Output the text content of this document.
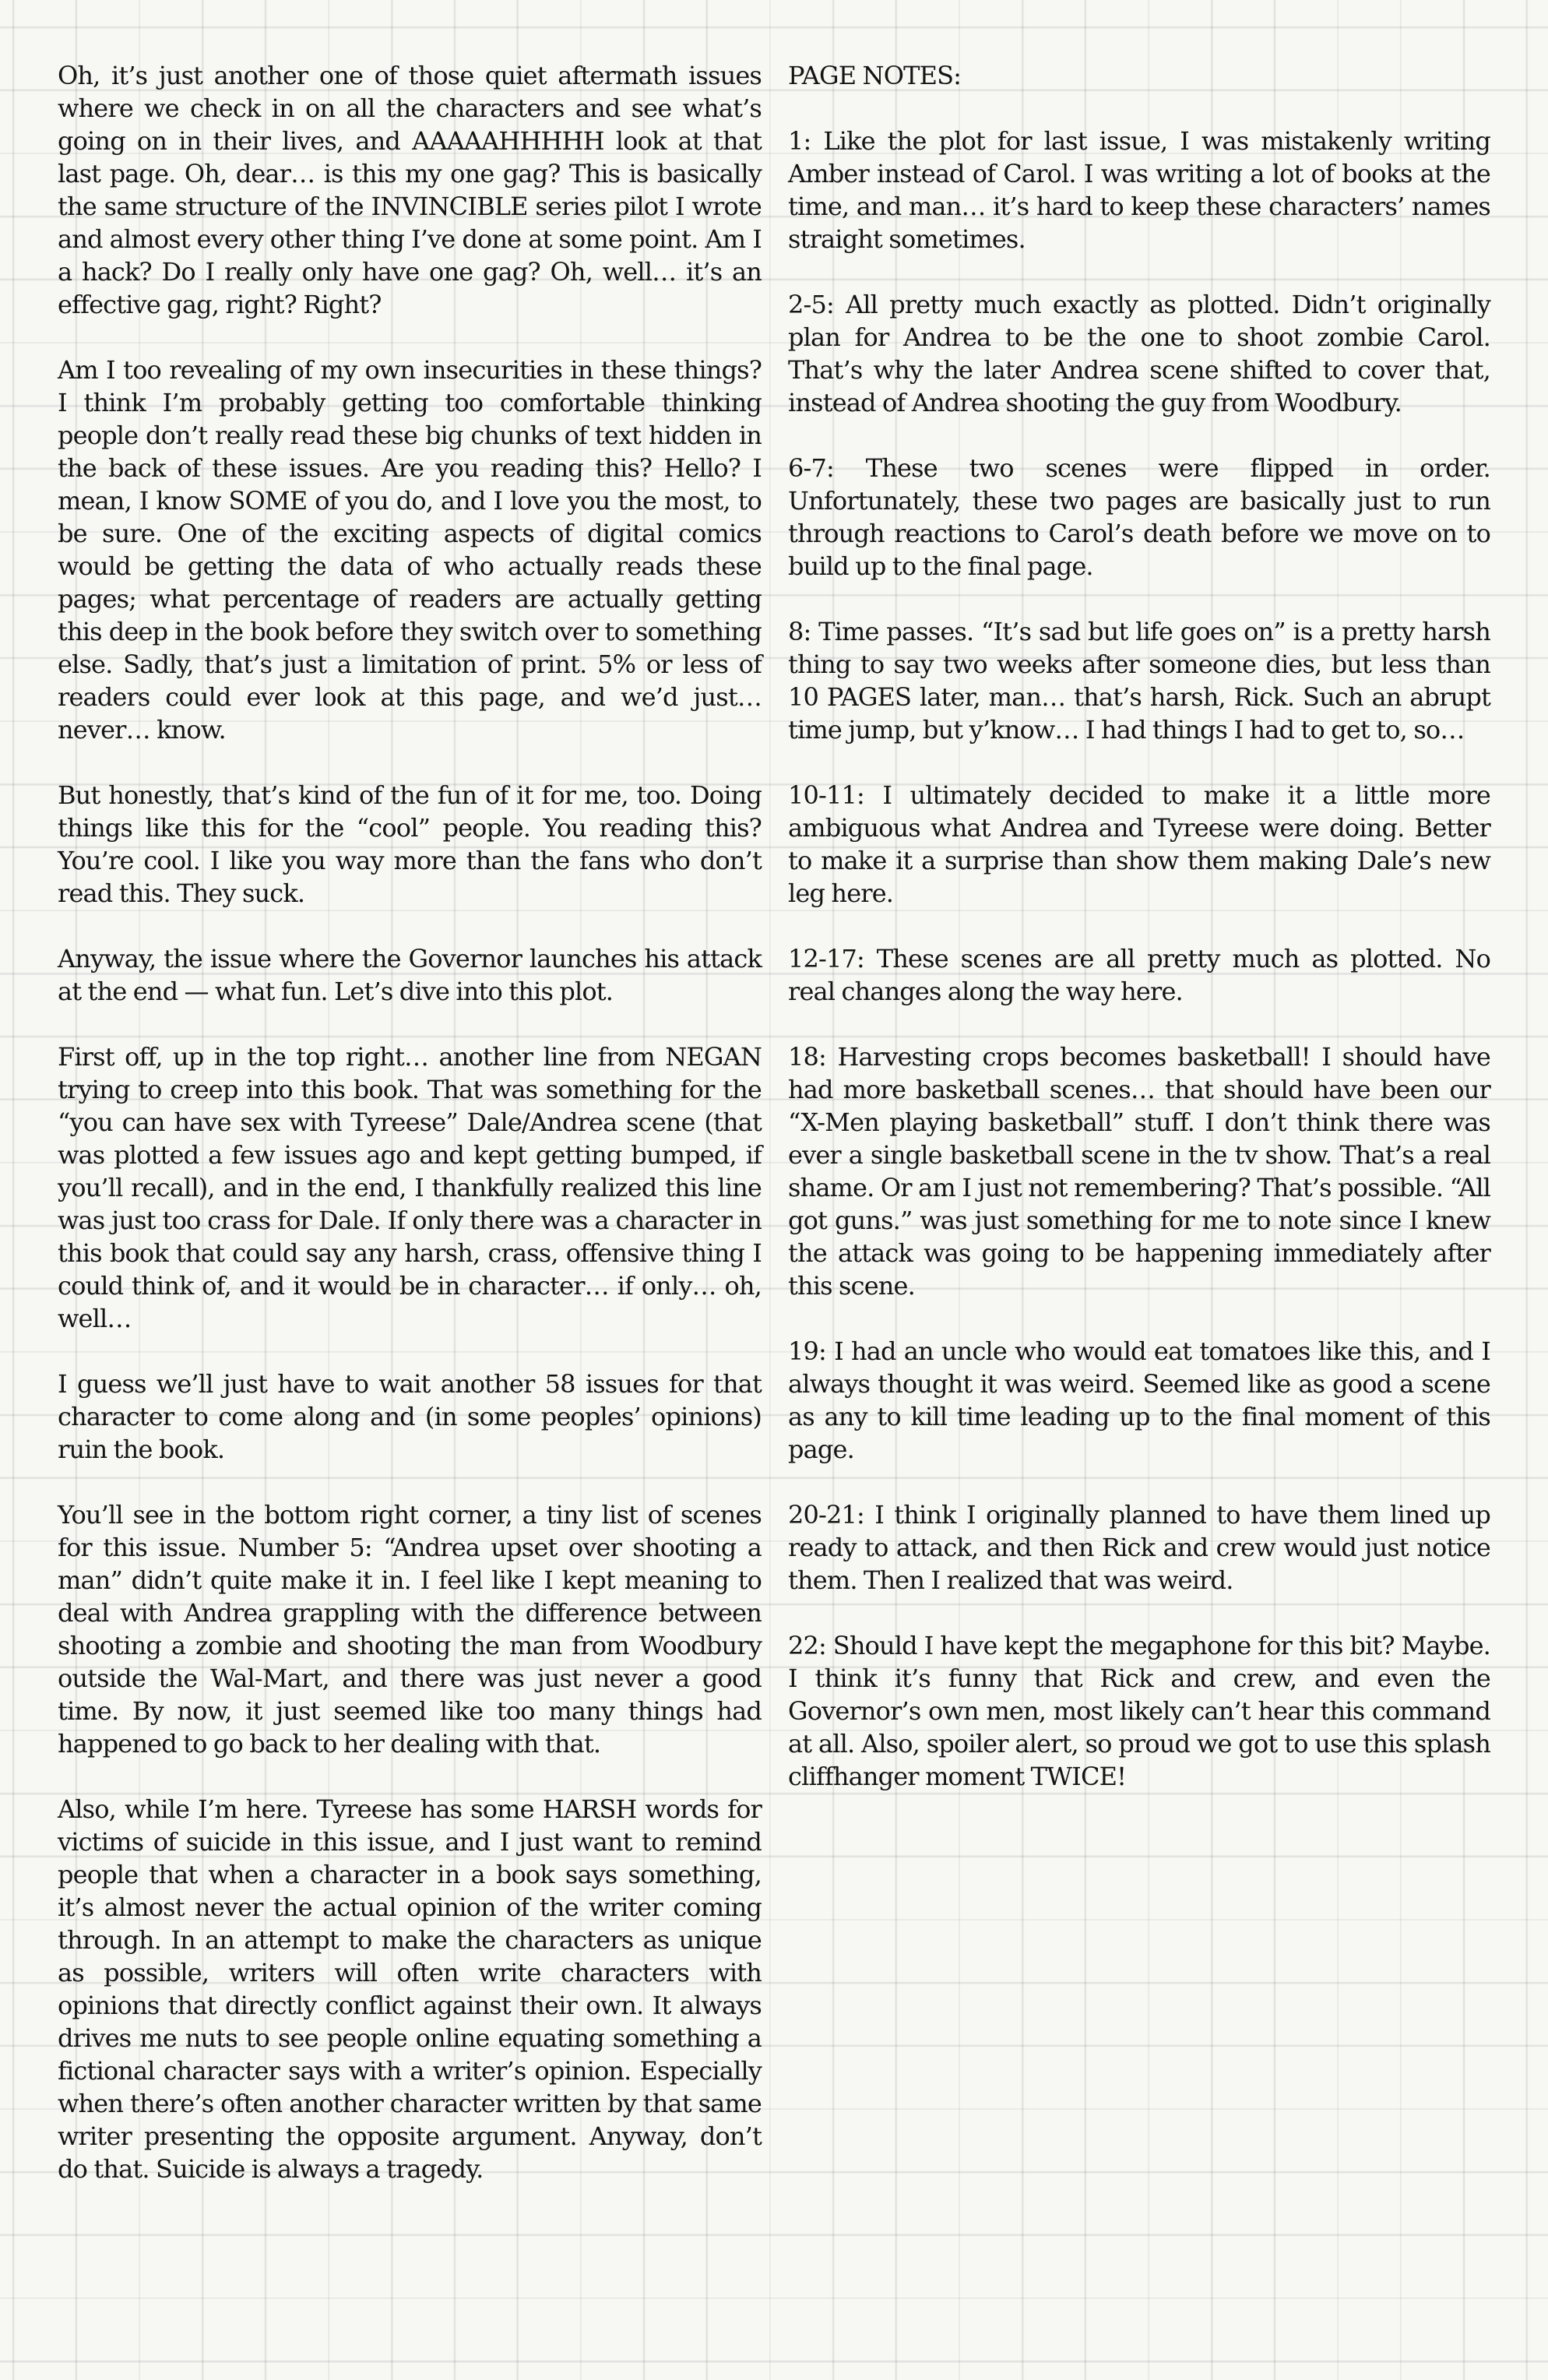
Oh, it’s just another one of those quiet aftermath issues where we check in on all the characters and see what’s going on in their lives, and AAAAAHHHHH look at that last page. Oh, dear… is this my one gag? This is basically the same structure of the INVINCIBLE series pilot I wrote and almost every other thing I’ve done at some point. Am I a hack? Do I really only have one gag? Oh, well… it’s an effective gag, right? Right?

Am I too revealing of my own insecurities in these things? I think I’m probably getting too comfortable thinking people don’t really read these big chunks of text hidden in the back of these issues. Are you reading this? Hello? I mean, I know SOME of you do, and I love you the most, to be sure. One of the exciting aspects of digital comics would be getting the data of who actually reads these pages; what percentage of readers are actually getting this deep in the book before they switch over to something else. Sadly, that’s just a limitation of print. 5% or less of readers could ever look at this page, and we’d just… never… know.

But honestly, that’s kind of the fun of it for me, too. Doing things like this for the “cool” people. You reading this? You’re cool. I like you way more than the fans who don’t read this. They suck.

Anyway, the issue where the Governor launches his attack at the end — what fun. Let’s dive into this plot.

First off, up in the top right… another line from NEGAN trying to creep into this book. That was something for the “you can have sex with Tyreese” Dale/Andrea scene (that was plotted a few issues ago and kept getting bumped, if you’ll recall), and in the end, I thankfully realized this line was just too crass for Dale. If only there was a character in this book that could say any harsh, crass, offensive thing I could think of, and it would be in character… if only… oh, well…

I guess we’ll just have to wait another 58 issues for that character to come along and (in some peoples’ opinions) ruin the book.

You’ll see in the bottom right corner, a tiny list of scenes for this issue. Number 5: “Andrea upset over shooting a man” didn’t quite make it in. I feel like I kept meaning to deal with Andrea grappling with the difference between shooting a zombie and shooting the man from Woodbury outside the Wal-Mart, and there was just never a good time. By now, it just seemed like too many things had happened to go back to her dealing with that.

Also, while I’m here. Tyreese has some HARSH words for victims of suicide in this issue, and I just want to remind people that when a character in a book says something, it’s almost never the actual opinion of the writer coming through. In an attempt to make the characters as unique as possible, writers will often write characters with opinions that directly conflict against their own. It always drives me nuts to see people online equating something a fictional character says with a writer’s opinion. Especially when there’s often another character written by that same writer presenting the opposite argument. Anyway, don’t do that. Suicide is always a tragedy.

PAGE NOTES:

1: Like the plot for last issue, I was mistakenly writing Amber instead of Carol. I was writing a lot of books at the time, and man… it’s hard to keep these characters’ names straight sometimes.

2-5: All pretty much exactly as plotted. Didn’t originally plan for Andrea to be the one to shoot zombie Carol. That’s why the later Andrea scene shifted to cover that, instead of Andrea shooting the guy from Woodbury.

6-7: These two scenes were flipped in order. Unfortunately, these two pages are basically just to run through reactions to Carol’s death before we move on to build up to the final page.

8: Time passes. “It’s sad but life goes on” is a pretty harsh thing to say two weeks after someone dies, but less than 10 PAGES later, man… that’s harsh, Rick. Such an abrupt time jump, but y’know… I had things I had to get to, so…

10-11: I ultimately decided to make it a little more ambiguous what Andrea and Tyreese were doing. Better to make it a surprise than show them making Dale’s new leg here.

12-17: These scenes are all pretty much as plotted. No real changes along the way here.

18: Harvesting crops becomes basketball! I should have had more basketball scenes… that should have been our “X-Men playing basketball” stuff. I don’t think there was ever a single basketball scene in the tv show. That’s a real shame. Or am I just not remembering? That’s possible. “All got guns.” was just something for me to note since I knew the attack was going to be happening immediately after this scene.

19: I had an uncle who would eat tomatoes like this, and I always thought it was weird. Seemed like as good a scene as any to kill time leading up to the final moment of this page.

20-21: I think I originally planned to have them lined up ready to attack, and then Rick and crew would just notice them. Then I realized that was weird.

22: Should I have kept the megaphone for this bit? Maybe. I think it’s funny that Rick and crew, and even the Governor’s own men, most likely can’t hear this command at all. Also, spoiler alert, so proud we got to use this splash cliffhanger moment TWICE!
